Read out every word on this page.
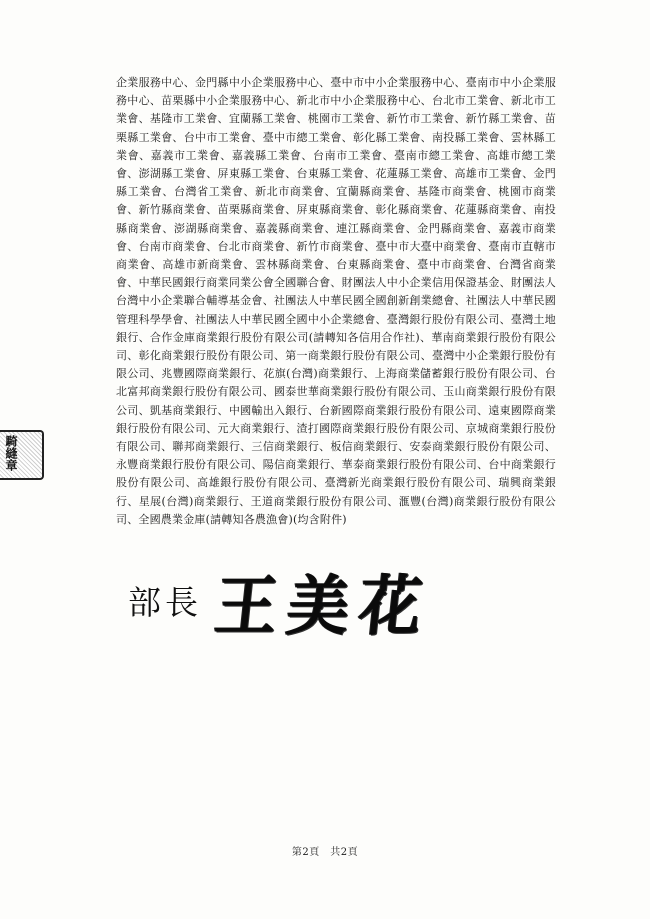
企業服務中心、金門縣中小企業服務中心、臺中市中小企業服務中心、臺南市中小企業服務中心、苗栗縣中小企業服務中心、新北市中小企業服務中心、台北市工業會、新北市工業會、基隆市工業會、宜蘭縣工業會、桃園市工業會、新竹市工業會、新竹縣工業會、苗栗縣工業會、台中市工業會、臺中市總工業會、彰化縣工業會、南投縣工業會、雲林縣工業會、嘉義市工業會、嘉義縣工業會、台南市工業會、臺南市總工業會、高雄市總工業會、澎湖縣工業會、屏東縣工業會、台東縣工業會、花蓮縣工業會、高雄市工業會、金門縣工業會、台灣省工業會、新北市商業會、宜蘭縣商業會、基隆市商業會、桃園市商業會、新竹縣商業會、苗栗縣商業會、屏東縣商業會、彰化縣商業會、花蓮縣商業會、南投縣商業會、澎湖縣商業會、嘉義縣商業會、連江縣商業會、金門縣商業會、嘉義市商業會、台南市商業會、台北市商業會、新竹市商業會、臺中市大臺中商業會、臺南市直轄市商業會、高雄市新商業會、雲林縣商業會、台東縣商業會、臺中市商業會、台灣省商業會、中華民國銀行商業同業公會全國聯合會、財團法人中小企業信用保證基金、財團法人台灣中小企業聯合輔導基金會、社團法人中華民國全國創新創業總會、社團法人中華民國管理科學學會、社團法人中華民國全國中小企業總會、臺灣銀行股份有限公司、臺灣土地銀行、合作金庫商業銀行股份有限公司(請轉知各信用合作社)、華南商業銀行股份有限公司、彰化商業銀行股份有限公司、第一商業銀行股份有限公司、臺灣中小企業銀行股份有限公司、兆豐國際商業銀行、花旗(台灣)商業銀行、上海商業儲蓄銀行股份有限公司、台北富邦商業銀行股份有限公司、國泰世華商業銀行股份有限公司、玉山商業銀行股份有限公司、凱基商業銀行、中國輸出入銀行、台新國際商業銀行股份有限公司、遠東國際商業銀行股份有限公司、元大商業銀行、渣打國際商業銀行股份有限公司、京城商業銀行股份有限公司、聯邦商業銀行、三信商業銀行、板信商業銀行、安泰商業銀行股份有限公司、永豐商業銀行股份有限公司、陽信商業銀行、華泰商業銀行股份有限公司、台中商業銀行股份有限公司、高雄銀行股份有限公司、臺灣新光商業銀行股份有限公司、瑞興商業銀行、星展(台灣)商業銀行、王道商業銀行股份有限公司、滙豐(台灣)商業銀行股份有限公司、全國農業金庫(請轉知各農漁會)(均含附件)

騎縫章
部長 王美花
第2頁　共2頁
